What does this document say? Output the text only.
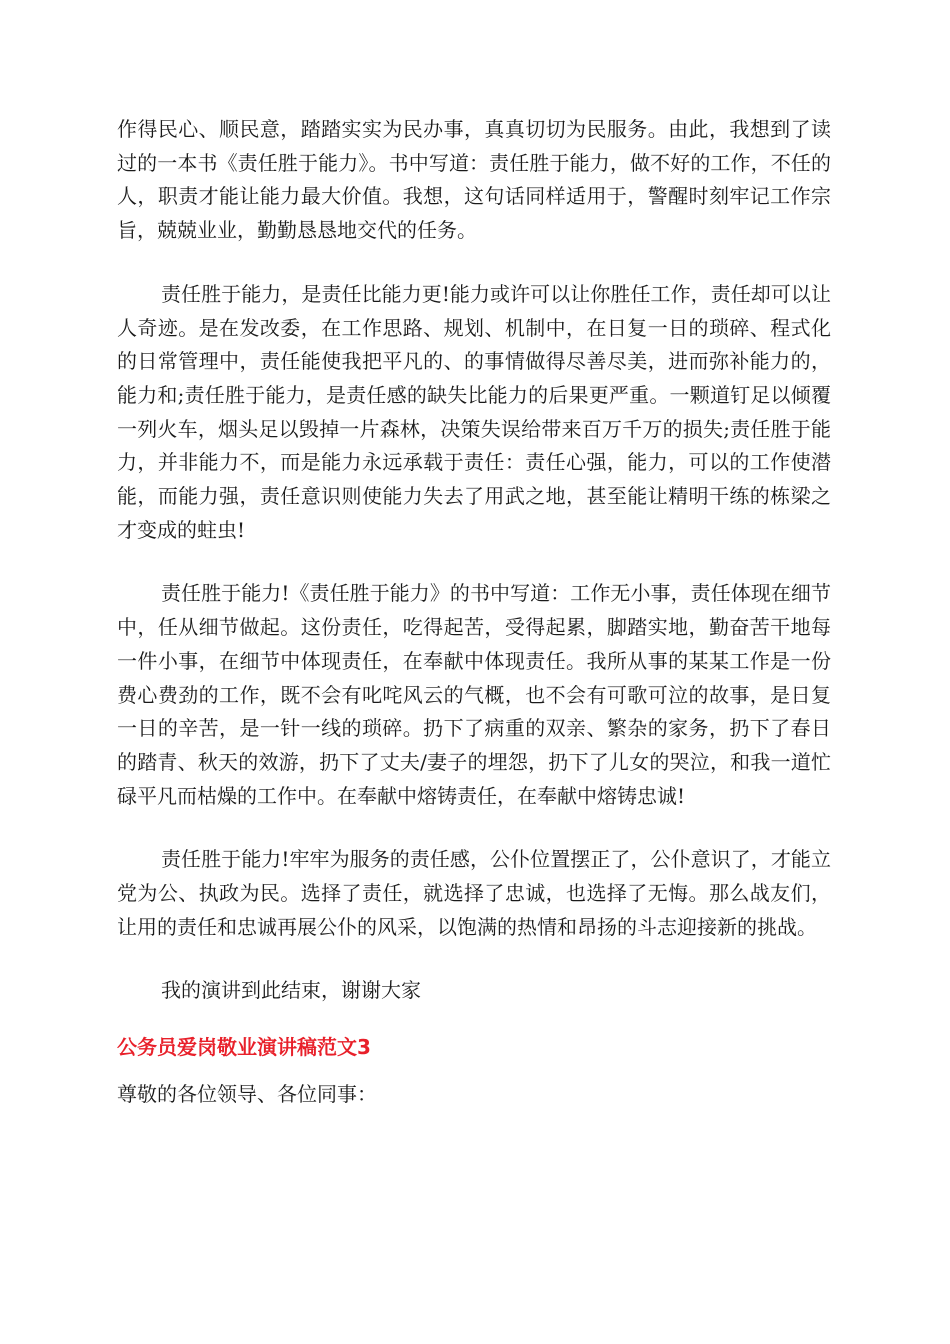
作得民心、顺民意，踏踏实实为民办事，真真切切为民服务。由此，我想到了读过的一本书《责任胜于能力》。书中写道：责任胜于能力，做不好的工作，不任的人，职责才能让能力最大价值。我想，这句话同样适用于，警醒时刻牢记工作宗旨，兢兢业业，勤勤恳恳地交代的任务。

责任胜于能力，是责任比能力更!能力或许可以让你胜任工作，责任却可以让人奇迹。是在发改委，在工作思路、规划、机制中，在日复一日的琐碎、程式化的日常管理中，责任能使我把平凡的、的事情做得尽善尽美，进而弥补能力的，能力和;责任胜于能力，是责任感的缺失比能力的后果更严重。一颗道钉足以倾覆一列火车，烟头足以毁掉一片森林，决策失误给带来百万千万的损失;责任胜于能力，并非能力不，而是能力永远承载于责任：责任心强，能力，可以的工作使潜能，而能力强，责任意识则使能力失去了用武之地，甚至能让精明干练的栋梁之才变成的蛀虫!

责任胜于能力!《责任胜于能力》的书中写道：工作无小事，责任体现在细节中，任从细节做起。这份责任，吃得起苦，受得起累，脚踏实地，勤奋苦干地每一件小事，在细节中体现责任，在奉献中体现责任。我所从事的某某工作是一份费心费劲的工作，既不会有叱咤风云的气概，也不会有可歌可泣的故事，是日复一日的辛苦，是一针一线的琐碎。扔下了病重的双亲、繁杂的家务，扔下了春日的踏青、秋天的效游，扔下了丈夫/妻子的埋怨，扔下了儿女的哭泣，和我一道忙碌平凡而枯燥的工作中。在奉献中熔铸责任，在奉献中熔铸忠诚!

责任胜于能力!牢牢为服务的责任感，公仆位置摆正了，公仆意识了，才能立党为公、执政为民。选择了责任，就选择了忠诚，也选择了无悔。那么战友们，让用的责任和忠诚再展公仆的风采，以饱满的热情和昂扬的斗志迎接新的挑战。

我的演讲到此结束，谢谢大家

公务员爱岗敬业演讲稿范文3

尊敬的各位领导、各位同事：
